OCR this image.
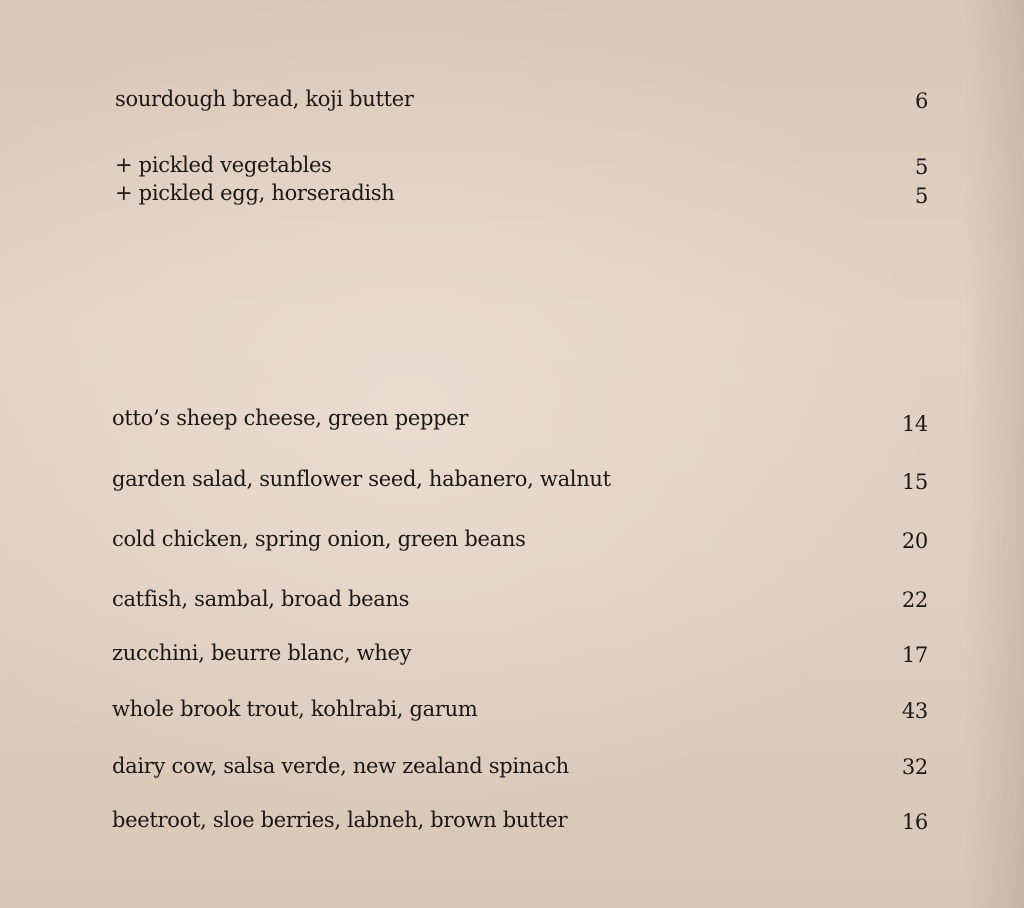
sourdough bread, koji butter	6
+ pickled vegetables	5
+ pickled egg, horseradish	5
otto’s sheep cheese, green pepper	14
garden salad, sunflower seed, habanero, walnut	15
cold chicken, spring onion, green beans	20
catfish, sambal, broad beans	22
zucchini, beurre blanc, whey	17
whole brook trout, kohlrabi, garum	43
dairy cow, salsa verde, new zealand spinach	32
beetroot, sloe berries, labneh, brown butter	16
